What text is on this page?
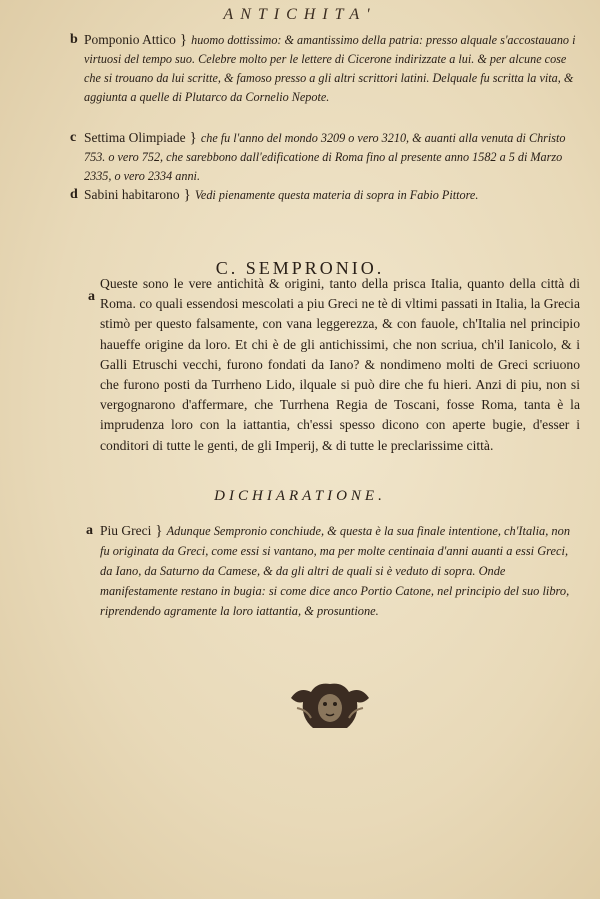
ANTICHITA'
b Pomponio Attico } huomo dottissimo: & amantissimo della patria: presso alquale s'accostauano i virtuosi del tempo suo. Celebre molto per le lettere di Cicerone indirizzate a lui. & per alcune cose che si trouano da lui scritte, & famoso presso a gli altri scrittori latini. Delquale fu scritta la vita, & aggiunta a quelle di Plutarco da Cornelio Nepote.
c Settima Olimpiade } che fu l'anno del mondo 3209 o vero 3210, & auanti alla venuta di Christo 753. o vero 752, che sarebbono dall'edificatione di Roma fino al presente anno 1582 a 5 di Marzo 2335, o vero 2334 anni.
d Sabini habitarono } Vedi pienamente questa materia di sopra in Fabio Pittore.
C. SEMPRONIO.
a

Queste sono le vere antichità & origini, tanto della prisca Italia, quanto della città di Roma. co quali essendosi mescolati a piu Greci ne tè di vltimi passati in Italia, la Grecia stimò per questo falsamente, con vana leggerezza, & con fauole, ch'Italia nel principio haueffe origine da loro. Et chi è de gli antichissimi, che non scriua, ch'il Ianicolo, & i Galli Etruschi vecchi, furono fondati da Iano? & nondimeno molti de Greci scriuono che furono posti da Turrheno Lido, ilquale si può dire che fu hieri. Anzi di piu, non si vergognarono d'affermare, che Turrhena Regia de Toscani, fosse Roma, tanta è la imprudenza loro con la iattantia, ch'essi spesso dicono con aperte bugie, d'esser i conditori di tutte le genti, de gli Imperij, & di tutte le preclarissime città.

DICHIARATIONE.
a Piu Greci } Adunque Sempronio conchiude, & questa è la sua finale intentione, ch'Italia, non fu originata da Greci, come essi si vantano, ma per molte centinaia d'anni auanti a essi Greci, da Iano, da Saturno da Camese, & da gli altri de quali si è veduto di sopra. Onde manifestamente restano in bugia: si come dice anco Portio Catone, nel principio del suo libro, riprendendo agramente la loro iattantia, & prosuntione.
